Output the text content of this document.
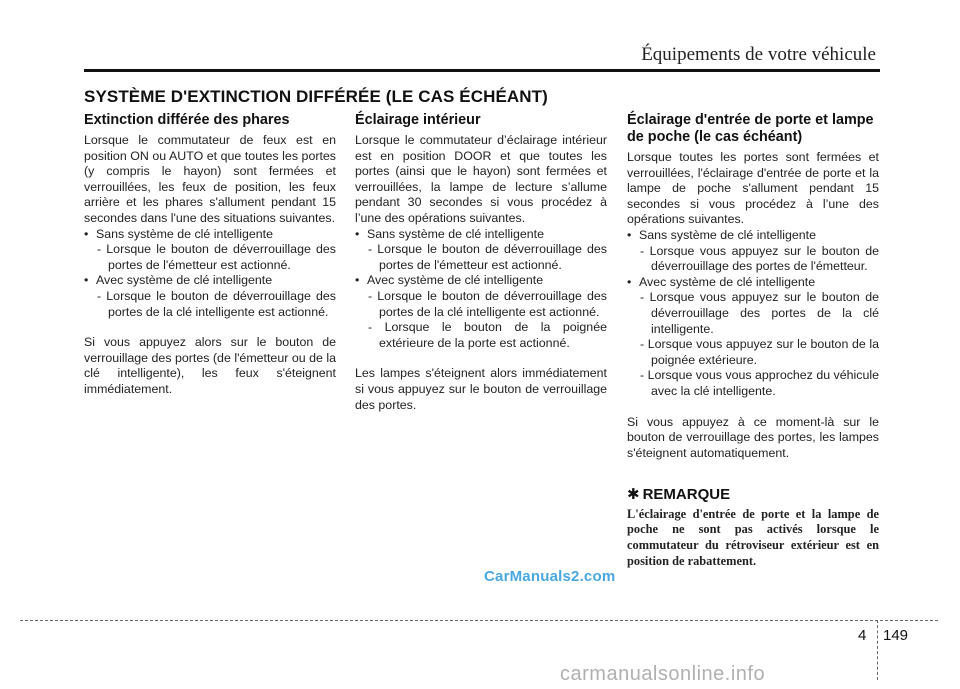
Équipements de votre véhicule
SYSTÈME D'EXTINCTION DIFFÉRÉE (LE CAS ÉCHÉANT)
Extinction différée des phares

Lorsque le commutateur de feux est en position ON ou AUTO et que toutes les portes (y compris le hayon) sont fermées et verrouillées, les feux de position, les feux arrière et les phares s'allument pendant 15 secondes dans l'une des situations suivantes.

• Sans système de clé intelligente

- Lorsque le bouton de déverrouillage des portes de l'émetteur est actionné.

• Avec système de clé intelligente

- Lorsque le bouton de déverrouillage des portes de la clé intelligente est actionné.

Si vous appuyez alors sur le bouton de verrouillage des portes (de l'émetteur ou de la clé intelligente), les feux s'éteignent immédiatement.

Éclairage intérieur

Lorsque le commutateur d’éclairage intérieur est en position DOOR et que toutes les portes (ainsi que le hayon) sont fermées et verrouillées, la lampe de lecture s’allume pendant 30 secondes si vous procédez à l’une des opérations suivantes.

• Sans système de clé intelligente

- Lorsque le bouton de déverrouillage des portes de l'émetteur est actionné.

• Avec système de clé intelligente

- Lorsque le bouton de déverrouillage des portes de la clé intelligente est actionné.

- Lorsque le bouton de la poignée extérieure de la porte est actionné.

Les lampes s'éteignent alors immédiatement si vous appuyez sur le bouton de verrouillage des portes.

Éclairage d'entrée de porte et lampe de poche (le cas échéant)

Lorsque toutes les portes sont fermées et verrouillées, l'éclairage d'entrée de porte et la lampe de poche s'allument pendant 15 secondes si vous procédez à l’une des opérations suivantes.

• Sans système de clé intelligente

- Lorsque vous appuyez sur le bouton de déverrouillage des portes de l'émetteur.

• Avec système de clé intelligente

- Lorsque vous appuyez sur le bouton de déverrouillage des portes de la clé intelligente.

- Lorsque vous appuyez sur le bouton de la poignée extérieure.

- Lorsque vous vous approchez du véhicule avec la clé intelligente.

Si vous appuyez à ce moment-là sur le bouton de verrouillage des portes, les lampes s'éteignent automatiquement.

✱ REMARQUE

L'éclairage d'entrée de porte et la lampe de poche ne sont pas activés lorsque le commutateur du rétroviseur extérieur est en position de rabattement.

CarManuals2.com
4 149
carmanualsonline.info
